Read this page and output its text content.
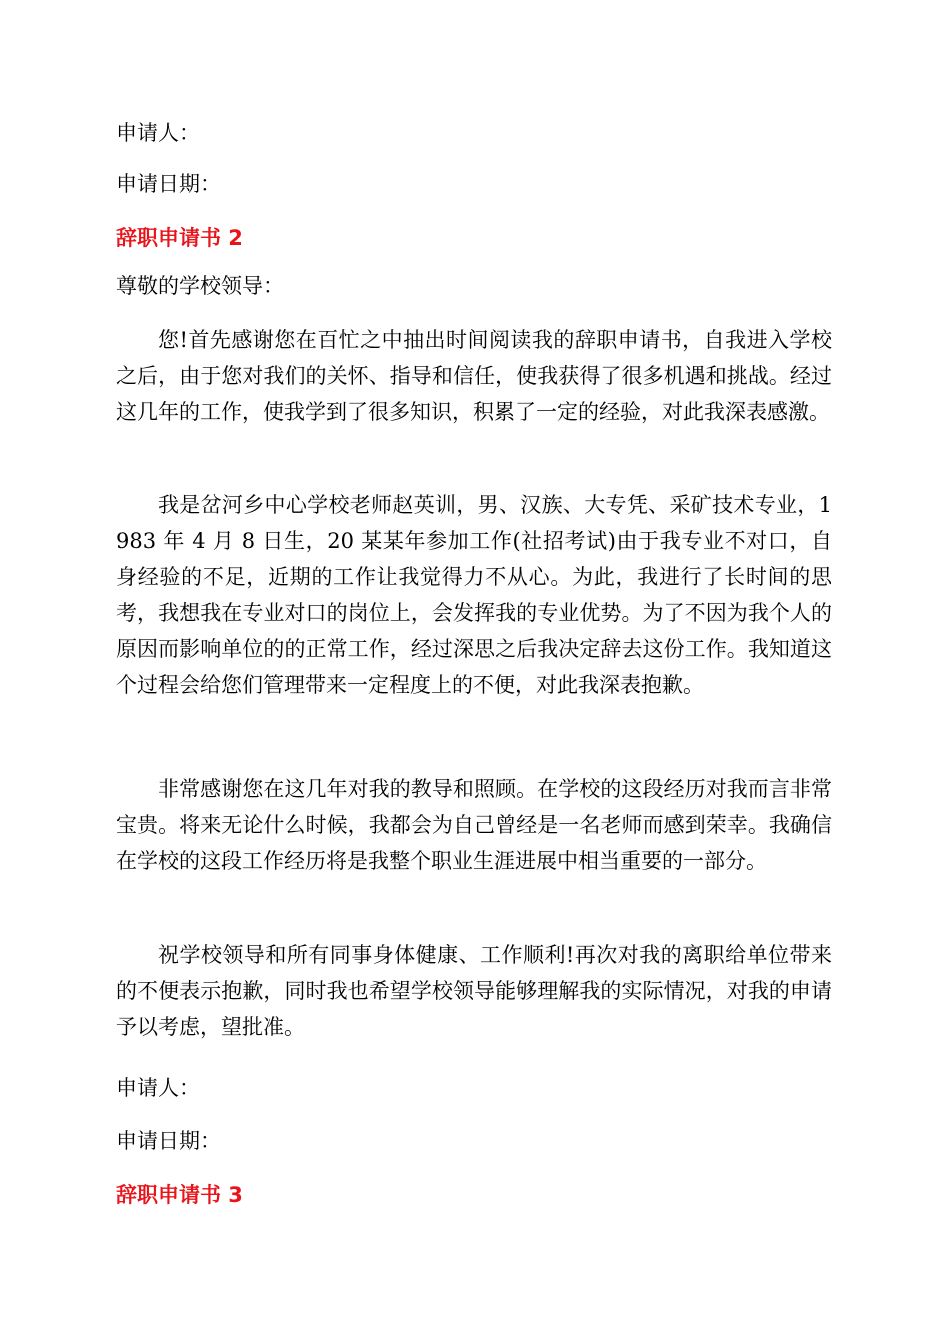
申请人：
申请日期：
辞职申请书 2
尊敬的学校领导：

您!首先感谢您在百忙之中抽出时间阅读我的辞职申请书，自我进入学校之后，由于您对我们的关怀、指导和信任，使我获得了很多机遇和挑战。经过这几年的工作，使我学到了很多知识，积累了一定的经验，对此我深表感激。

我是岔河乡中心学校老师赵英训，男、汉族、大专凭、采矿技术专业，1983 年 4 月 8 日生，20 某某年参加工作(社招考试)由于我专业不对口，自身经验的不足，近期的工作让我觉得力不从心。为此，我进行了长时间的思考，我想我在专业对口的岗位上，会发挥我的专业优势。为了不因为我个人的原因而影响单位的的正常工作，经过深思之后我决定辞去这份工作。我知道这个过程会给您们管理带来一定程度上的不便，对此我深表抱歉。

非常感谢您在这几年对我的教导和照顾。在学校的这段经历对我而言非常宝贵。将来无论什么时候，我都会为自己曾经是一名老师而感到荣幸。我确信在学校的这段工作经历将是我整个职业生涯进展中相当重要的一部分。

祝学校领导和所有同事身体健康、工作顺利!再次对我的离职给单位带来的不便表示抱歉，同时我也希望学校领导能够理解我的实际情况，对我的申请予以考虑，望批准。

申请人：
申请日期：
辞职申请书 3
